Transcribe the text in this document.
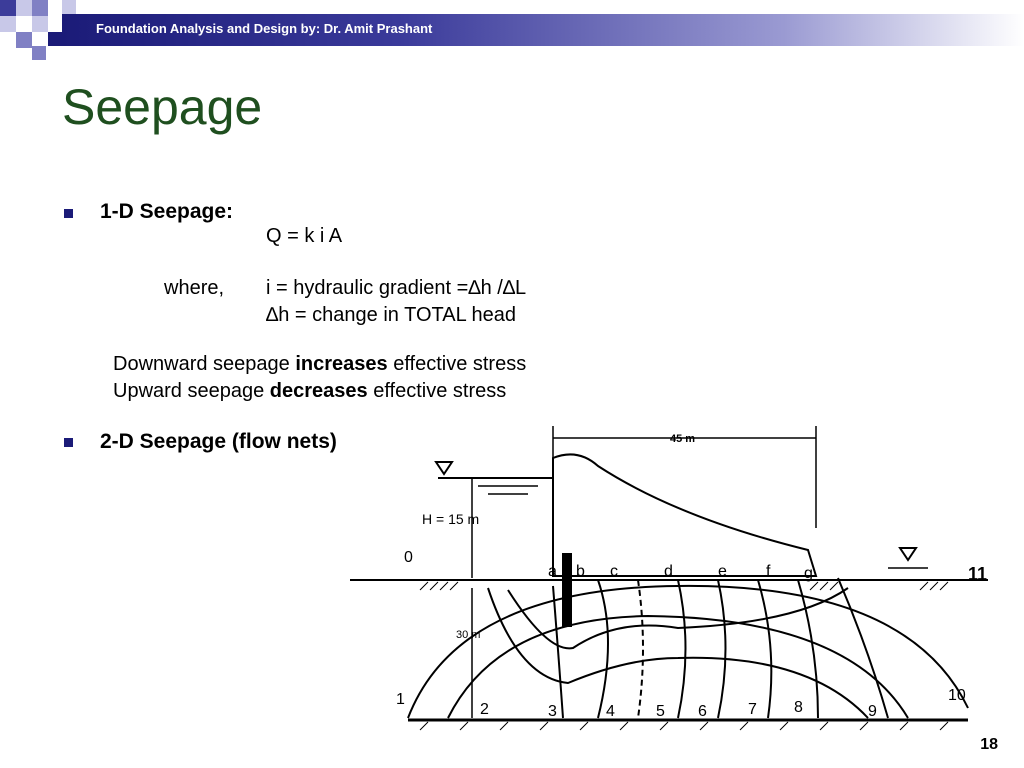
Foundation Analysis and Design by: Dr. Amit Prashant
Seepage
1-D Seepage:
Q = k i A
where, i = hydraulic gradient =∆h /∆L
∆h = change in TOTAL head
Downward seepage increases effective stress
Upward seepage decreases effective stress
2-D Seepage (flow nets)	45 m
H = 15 m
30 m
0
11
a b c	d	e f g
1
2	3	4	5 6	7 8	9
10
18
